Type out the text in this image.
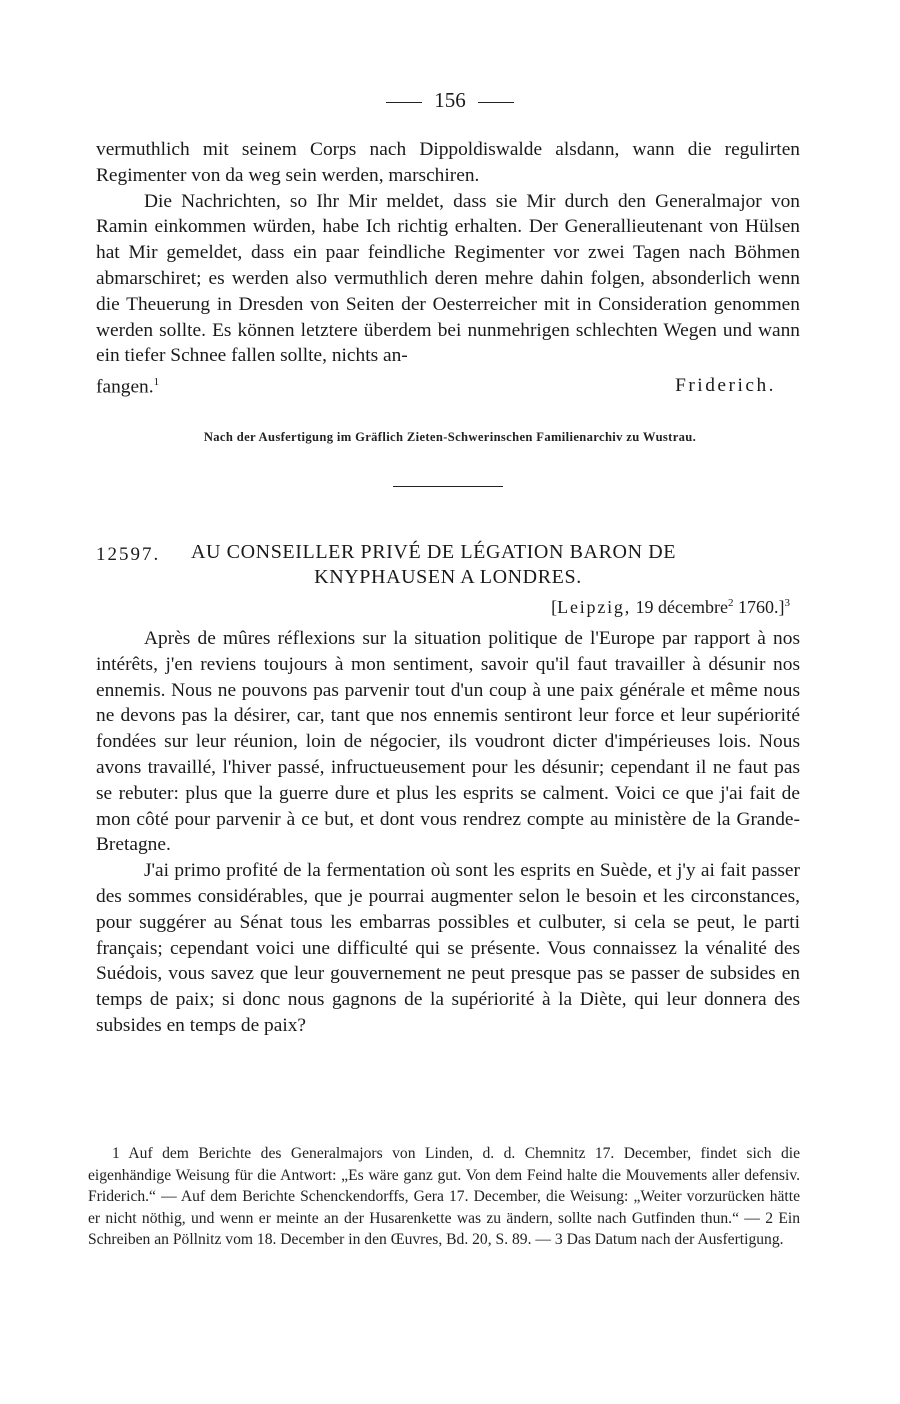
156

vermuthlich mit seinem Corps nach Dippoldiswalde alsdann, wann die regulirten Regimenter von da weg sein werden, marschiren.

Die Nachrichten, so Ihr Mir meldet, dass sie Mir durch den Generalmajor von Ramin einkommen würden, habe Ich richtig erhalten. Der Generallieutenant von Hülsen hat Mir gemeldet, dass ein paar feindliche Regimenter vor zwei Tagen nach Böhmen abmarschiret; es werden also vermuthlich deren mehre dahin folgen, absonderlich wenn die Theuerung in Dresden von Seiten der Oesterreicher mit in Consideration genommen werden sollte. Es können letztere überdem bei nunmehrigen schlechten Wegen und wann ein tiefer Schnee fallen sollte, nichts an-

fangen.$^1$	Friderich.
Nach der Ausfertigung im Gräflich Zieten-Schwerinschen Familienarchiv zu Wustrau.
12597. AU CONSEILLER PRIVÉ DE LÉGATION BARON DE
KNYPHAUSEN A LONDRES.
[Leipzig, 19 décembre$^2$ 1760.]$^3$

Après de mûres réflexions sur la situation politique de l'Europe par rapport à nos intérêts, j'en reviens toujours à mon sentiment, savoir qu'il faut travailler à désunir nos ennemis. Nous ne pouvons pas parvenir tout d'un coup à une paix générale et même nous ne devons pas la désirer, car, tant que nos ennemis sentiront leur force et leur supériorité fondées sur leur réunion, loin de négocier, ils voudront dicter d'impérieuses lois. Nous avons travaillé, l'hiver passé, infructueusement pour les désunir; cependant il ne faut pas se rebuter: plus que la guerre dure et plus les esprits se calment. Voici ce que j'ai fait de mon côté pour parvenir à ce but, et dont vous rendrez compte au ministère de la Grande-Bretagne.

J'ai primo profité de la fermentation où sont les esprits en Suède, et j'y ai fait passer des sommes considérables, que je pourrai augmenter selon le besoin et les circonstances, pour suggérer au Sénat tous les embarras possibles et culbuter, si cela se peut, le parti français; cependant voici une difficulté qui se présente. Vous connaissez la vénalité des Suédois, vous savez que leur gouvernement ne peut presque pas se passer de subsides en temps de paix; si donc nous gagnons de la supériorité à la Diète, qui leur donnera des subsides en temps de paix?

1 Auf dem Berichte des Generalmajors von Linden, d. d. Chemnitz 17. December, findet sich die eigenhändige Weisung für die Antwort: „Es wäre ganz gut. Von dem Feind halte die Mouvements aller defensiv. Friderich.“ — Auf dem Berichte Schenckendorffs, Gera 17. December, die Weisung: „Weiter vorzurücken hätte er nicht nöthig, und wenn er meinte an der Husarenkette was zu ändern, sollte nach Gutfinden thun.“ — 2 Ein Schreiben an Pöllnitz vom 18. December in den Œuvres, Bd. 20, S. 89. — 3 Das Datum nach der Ausfertigung.
